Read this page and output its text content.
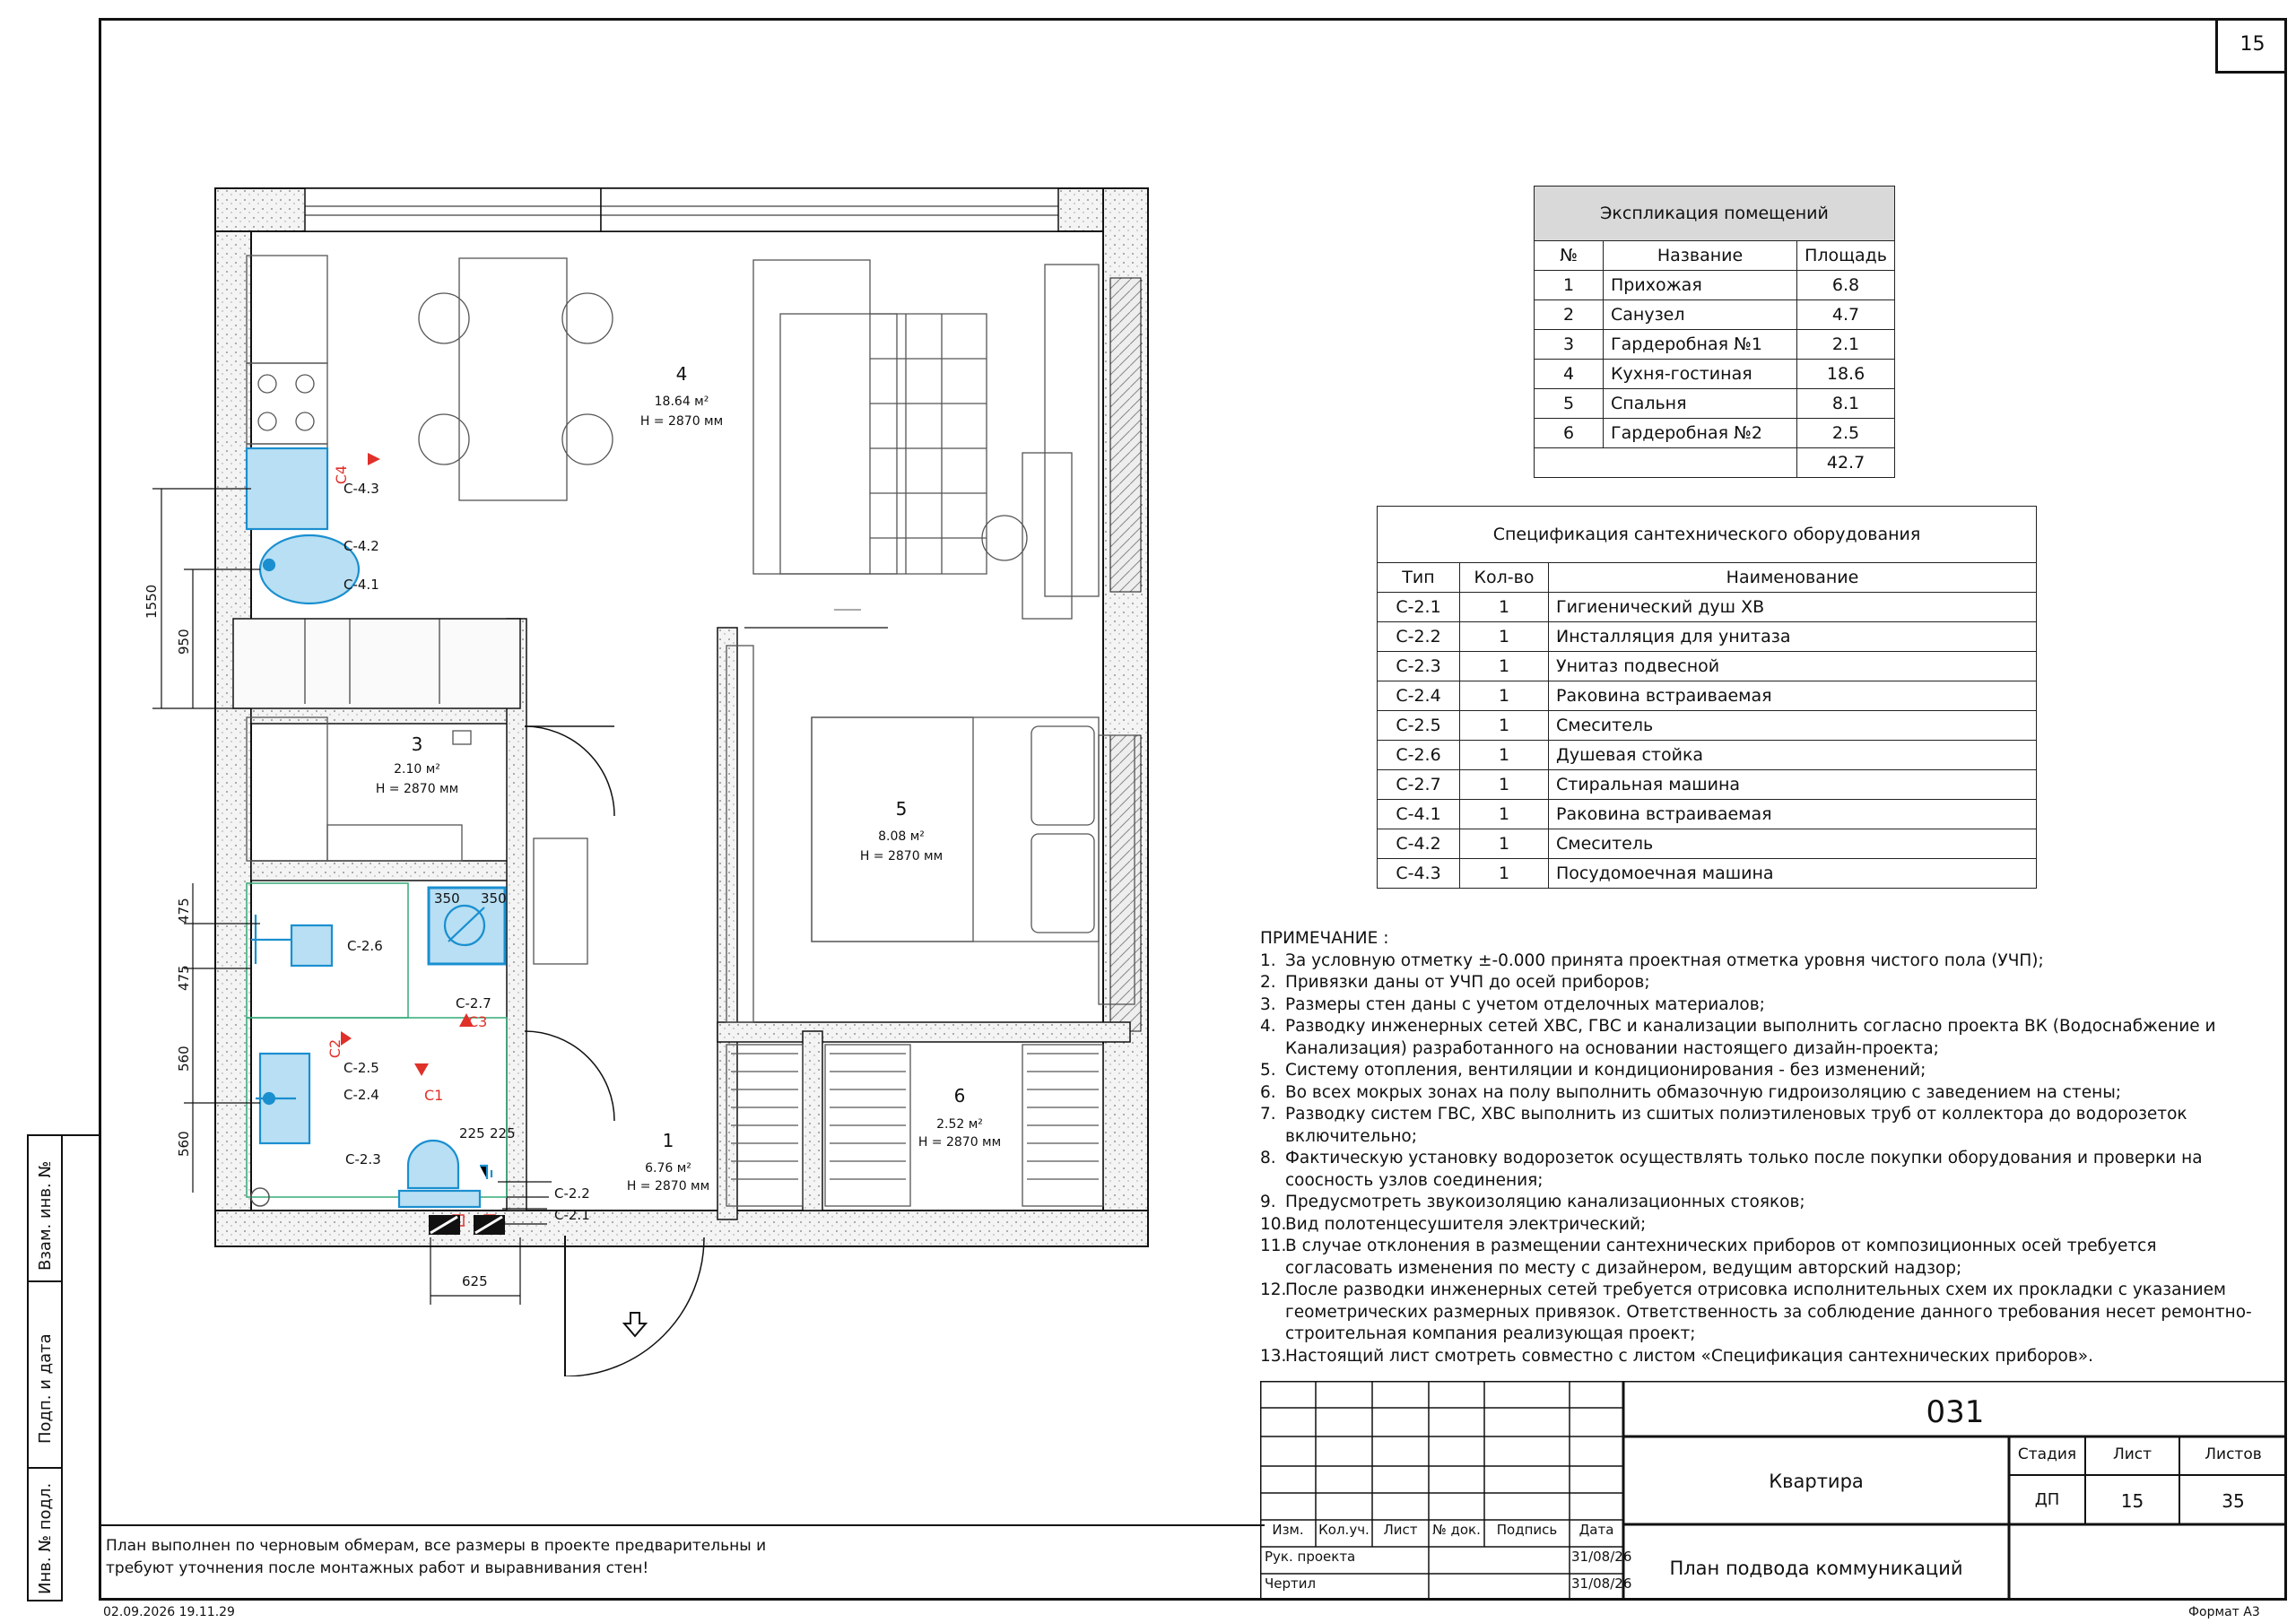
15
Взам. инв. №
Подп. и дата
Инв. № подл.
4
18.64 м²
Н = 2870 мм
3
2.10 м²
Н = 2870 мм
5
8.08 м²
Н = 2870 мм
6
2.52 м²
Н = 2870 мм
1
6.76 м²
Н = 2870 мм
С-4.3
С-4.2
С-4.1
С-2.6
С-2.7
С-2.5
С-2.4
С-2.3
С-2.2
С-2.1
С4
С2
С3
С1
1550
950
475
475
560
560
625
350 350
225 225
Экспликация помещений		
№	Название	Площадь
1	Прихожая	6.8
2	Санузел	4.7
3	Гардеробная №1	2.1
4	Кухня-гостиная	18.6
5	Спальня	8.1
6	Гардеробная №2	2.5
		42.7
Спецификация сантехнического оборудования		
Тип	Кол-во	Наименование
С-2.1	1	Гигиенический душ ХВ
С-2.2	1	Инсталляция для унитаза
С-2.3	1	Унитаз подвесной
С-2.4	1	Раковина встраиваемая
С-2.5	1	Смеситель
С-2.6	1	Душевая стойка
С-2.7	1	Стиральная машина
С-4.1	1	Раковина встраиваемая
С-4.2	1	Смеситель
С-4.3	1	Посудомоечная машина
ПРИМЕЧАНИЕ :
1. За условную отметку ±-0.000 принята проектная отметка уровня чистого пола (УЧП);
2. Привязки даны от УЧП до осей приборов;
3. Размеры стен даны с учетом отделочных материалов;
4. Разводку инженерных сетей ХВС, ГВС и канализации выполнить согласно проекта ВК (Водоснабжение и Канализация) разработанного на основании настоящего дизайн-проекта;
5. Систему отопления, вентиляции и кондиционирования - без изменений;
6. Во всех мокрых зонах на полу выполнить обмазочную гидроизоляцию с заведением на стены;
7. Разводку систем ГВС, ХВС выполнить из сшитых полиэтиленовых труб от коллектора до водорозеток включительно;
8. Фактическую установку водорозеток осуществлять только после покупки оборудования и проверки на соосность узлов соединения;
9. Предусмотреть звукоизоляцию канализационных стояков;
10.
Вид полотенцесушителя электрический;
11.
В случае отклонения в размещении сантехнических приборов от композиционных осей требуется согласовать изменения по месту с дизайнером, ведущим авторский надзор;
12.
После разводки инженерных сетей требуется отрисовка исполнительных схем их прокладки с указанием геометрических размерных привязок. Ответственность за соблюдение данного требования несет ремонтно-строительная компания реализующая проект;
13.
Настоящий лист смотреть совместно с листом «Спецификация сантехнических приборов».
План выполнен по черновым обмерам, все размеры в проекте предварительны и требуют уточнения после монтажных работ и выравнивания стен!
Изм.	Кол.уч.	Лист	№ док.	Подпись	Дата
Рук. проекта	31/08/26
Чертил	31/08/26
031
Квартира
План подвода коммуникаций
Стадия	Лист	Листов
ДП	15	35
02.09.2026 19.11.29	Формат А3
